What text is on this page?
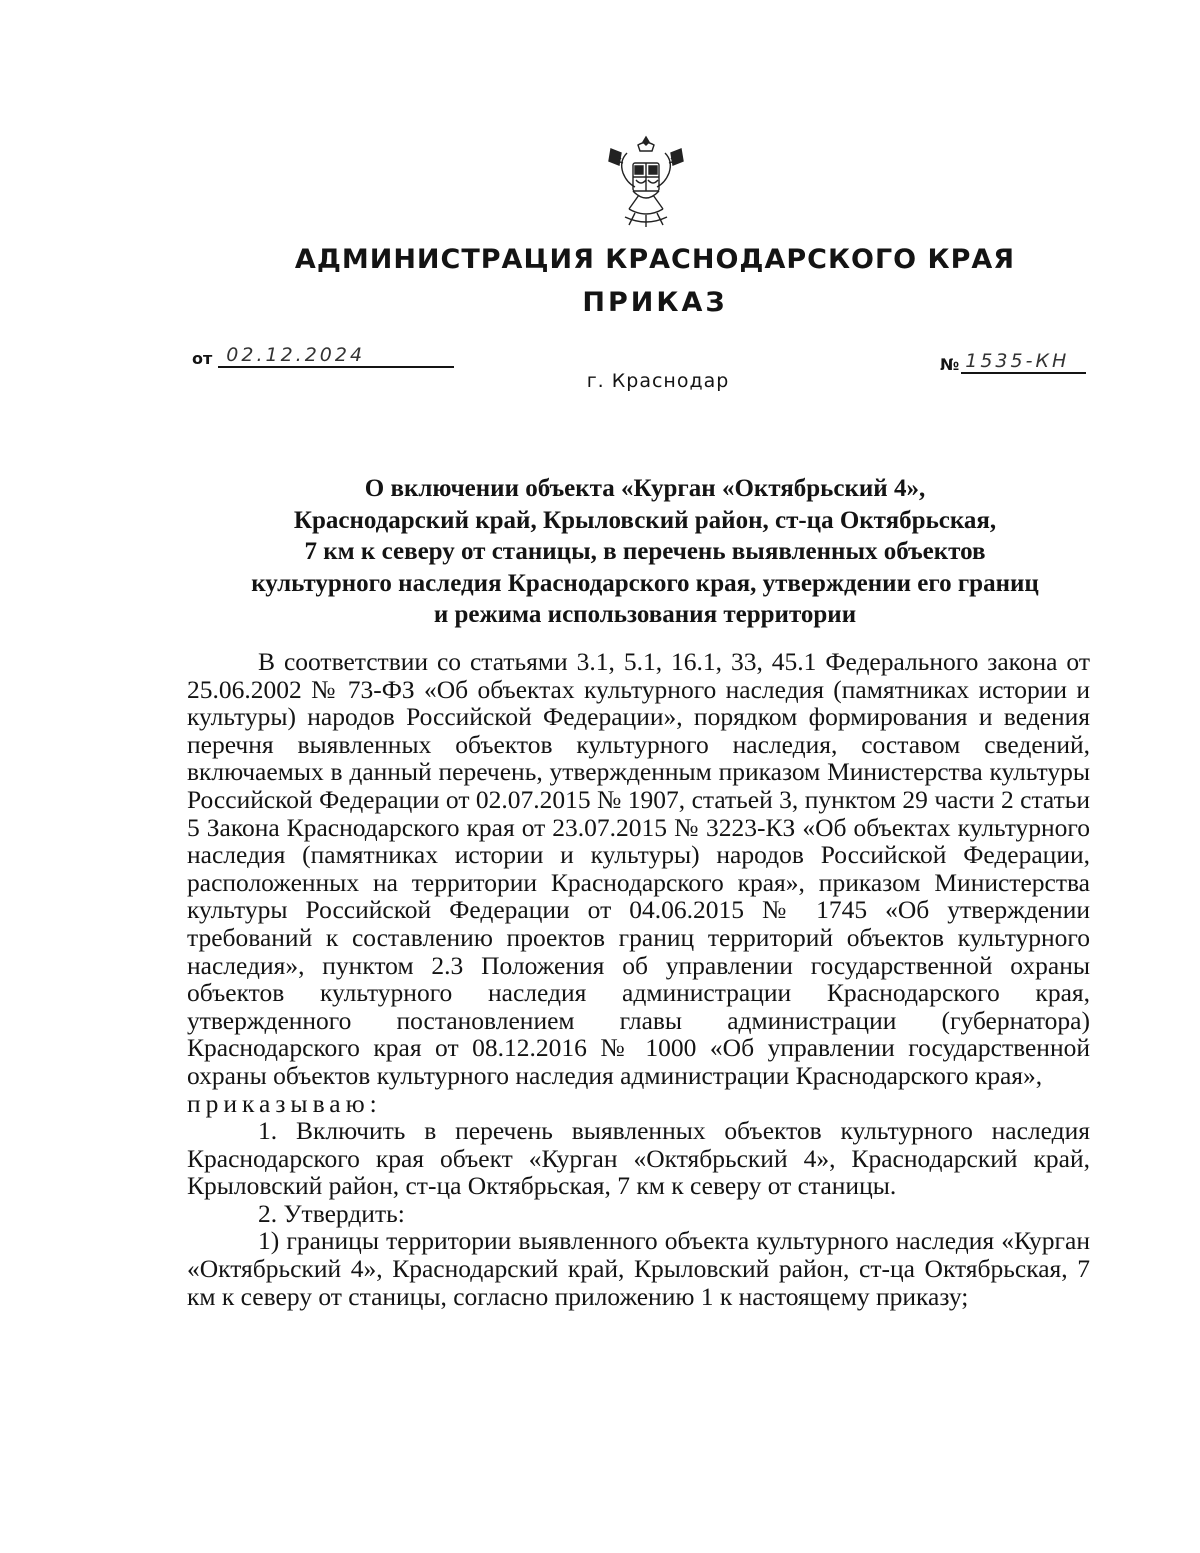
АДМИНИСТРАЦИЯ КРАСНОДАРСКОГО КРАЯ
ПРИКАЗ
от 02.12.2024	№ 1535-КН
г. Краснодар
О включении объекта «Курган «Октябрьский 4»,
Краснодарский край, Крыловский район, ст-ца Октябрьская,
7 км к северу от станицы, в перечень выявленных объектов
культурного наследия Краснодарского края, утверждении его границ
и режима использования территории

В соответствии со статьями 3.1, 5.1, 16.1, 33, 45.1 Федерального закона от 25.06.2002 № 73-ФЗ «Об объектах культурного наследия (памятниках истории и культуры) народов Российской Федерации», порядком формирования и ведения перечня выявленных объектов культурного наследия, составом сведений, включаемых в данный перечень, утвержденным приказом Министерства культуры Российской Федерации от 02.07.2015 № 1907, статьей 3, пунктом 29 части 2 статьи 5 Закона Краснодарского края от 23.07.2015 № 3223-КЗ «Об объектах культурного наследия (памятниках истории и культуры) народов Российской Федерации, расположенных на территории Краснодарского края», приказом Министерства культуры Российской Федерации от 04.06.2015 № 1745 «Об утверждении требований к составлению проектов границ территорий объектов культурного наследия», пунктом 2.3 Положения об управлении государственной охраны объектов культурного наследия администрации Краснодарского края, утвержденного постановлением главы администрации (губернатора) Краснодарского края от 08.12.2016 № 1000 «Об управлении государственной охраны объектов культурного наследия администрации Краснодарского края»,

приказываю:

1. Включить в перечень выявленных объектов культурного наследия Краснодарского края объект «Курган «Октябрьский 4», Краснодарский край, Крыловский район, ст-ца Октябрьская, 7 км к северу от станицы.

2. Утвердить:

1) границы территории выявленного объекта культурного наследия «Курган «Октябрьский 4», Краснодарский край, Крыловский район, ст-ца Октябрьская, 7 км к северу от станицы, согласно приложению 1 к настоящему приказу;
